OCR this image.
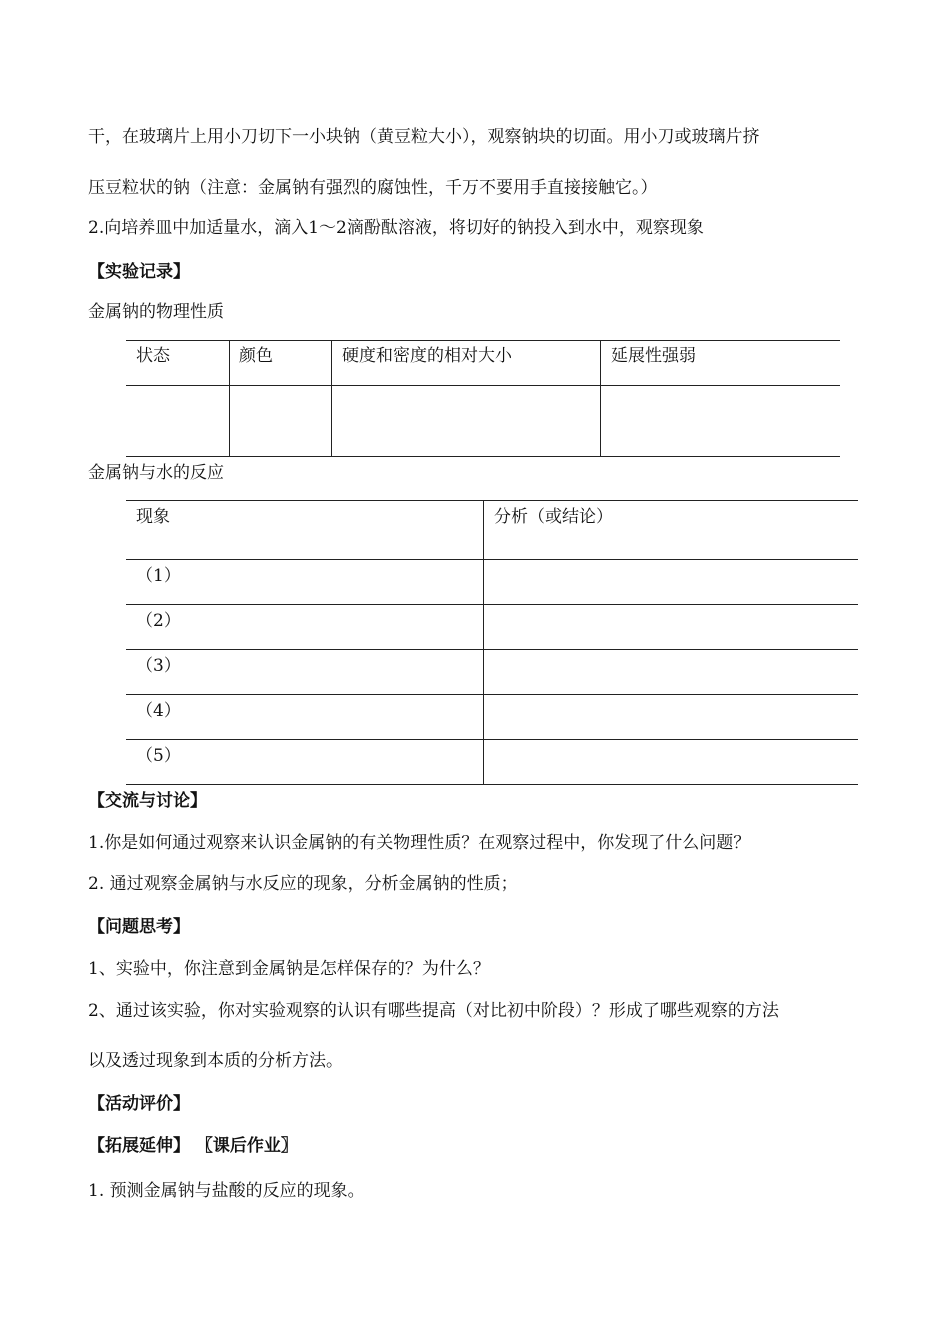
干，在玻璃片上用小刀切下一小块钠（黄豆粒大小），观察钠块的切面。用小刀或玻璃片挤
压豆粒状的钠（注意：金属钠有强烈的腐蚀性，千万不要用手直接接触它。）
2.向培养皿中加适量水，滴入1～2滴酚酞溶液，将切好的钠投入到水中，观察现象
【实验记录】
金属钠的物理性质
状态	颜色	硬度和密度的相对大小	延展性强弱
金属钠与水的反应
现象	分析（或结论）
（1）
（2）
（3）
（4）
（5）
【交流与讨论】
1.你是如何通过观察来认识金属钠的有关物理性质？在观察过程中，你发现了什么问题？
2. 通过观察金属钠与水反应的现象，分析金属钠的性质；
【问题思考】
1、实验中，你注意到金属钠是怎样保存的？为什么？
2、通过该实验，你对实验观察的认识有哪些提高（对比初中阶段）？形成了哪些观察的方法
以及透过现象到本质的分析方法。
【活动评价】
【拓展延伸】 〖课后作业〗
1. 预测金属钠与盐酸的反应的现象。
